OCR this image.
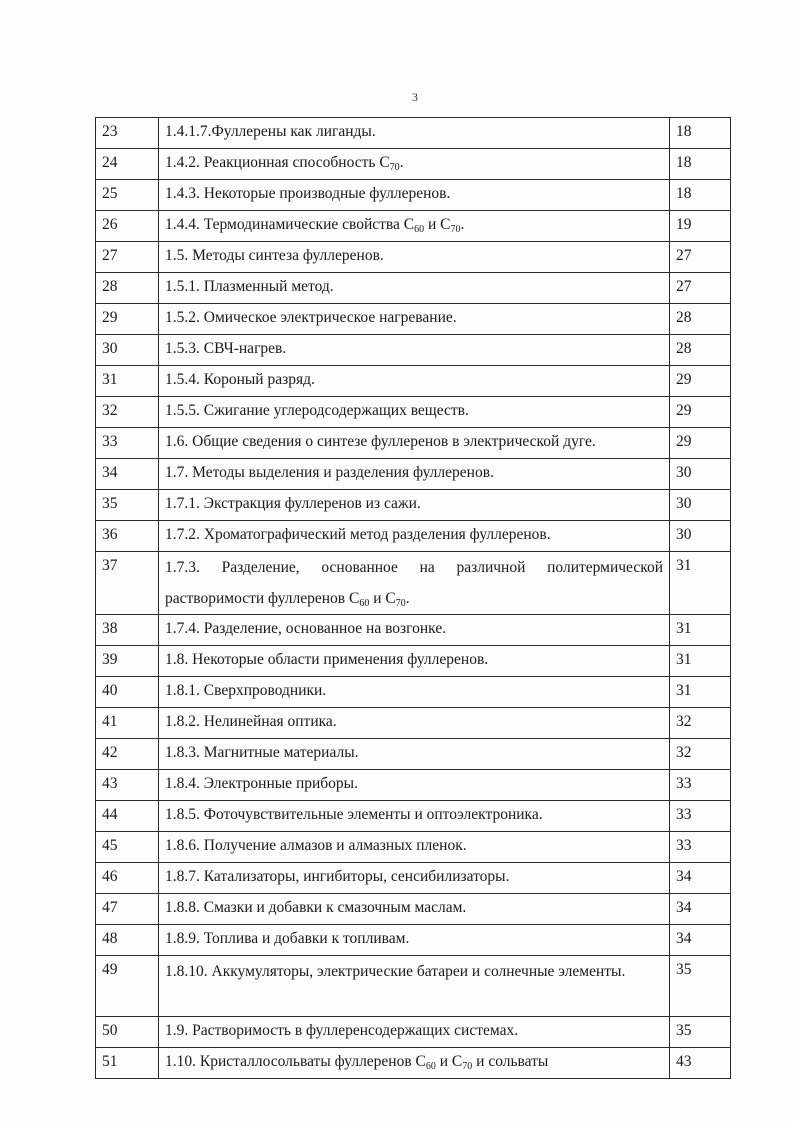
3
23	1.4.1.7.Фуллерены как лиганды.	18
24	1.4.2. Реакционная способность $C_{70}$.	18
25	1.4.3. Некоторые производные фуллеренов.	18
26	1.4.4. Термодинамические свойства $C_{60}$ и $C_{70}$.	19
27	1.5. Методы синтеза фуллеренов.	27
28	1.5.1. Плазменный метод.	27
29	1.5.2. Омическое электрическое нагревание.	28
30	1.5.3. СВЧ-нагрев.	28
31	1.5.4. Короный разряд.	29
32	1.5.5. Сжигание углеродсодержащих веществ.	29
33	1.6. Общие сведения о синтезе фуллеренов в электрической дуге.	29
34	1.7. Методы выделения и разделения фуллеренов.	30
35	1.7.1. Экстракция фуллеренов из сажи.	30
36	1.7.2. Хроматографический метод разделения фуллеренов.	30
37	1.7.3. Разделение, основанное на различной политермической растворимости фуллеренов $C_{60}$ и $C_{70}$.	31
38	1.7.4. Разделение, основанное на возгонке.	31
39	1.8. Некоторые области применения фуллеренов.	31
40	1.8.1. Сверхпроводники.	31
41	1.8.2. Нелинейная оптика.	32
42	1.8.3. Магнитные материалы.	32
43	1.8.4. Электронные приборы.	33
44	1.8.5. Фоточувствительные элементы и оптоэлектроника.	33
45	1.8.6. Получение алмазов и алмазных пленок.	33
46	1.8.7. Катализаторы, ингибиторы, сенсибилизаторы.	34
47	1.8.8. Смазки и добавки к смазочным маслам.	34
48	1.8.9. Топлива и добавки к топливам.	34
49	1.8.10. Аккумуляторы, электрические батареи и солнечные элементы.	35
50	1.9. Растворимость в фуллеренсодержащих системах.	35
51	1.10. Кристаллосольваты фуллеренов $C_{60}$ и $C_{70}$ и сольваты	43
